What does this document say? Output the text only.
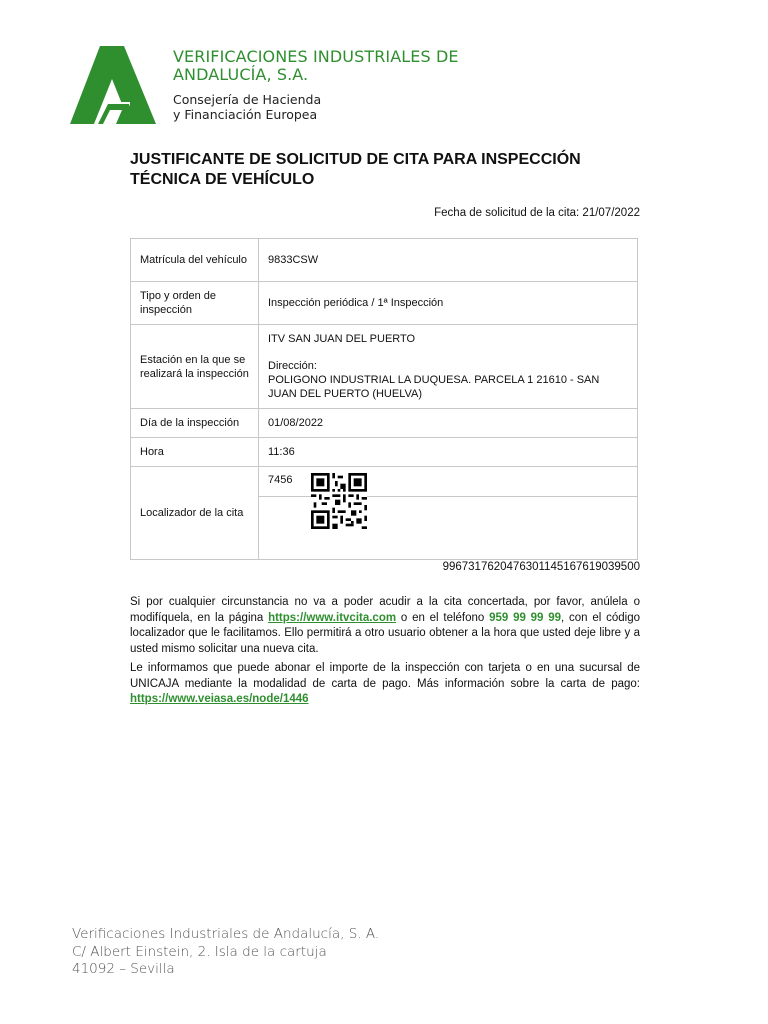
VERIFICACIONES INDUSTRIALES DE ANDALUCÍA, S.A.
Consejería de Hacienda
y Financiación Europea
JUSTIFICANTE DE SOLICITUD DE CITA PARA INSPECCIÓN TÉCNICA DE VEHÍCULO
Fecha de solicitud de la cita: 21/07/2022
Matrícula del vehículo	9833CSW
Tipo y orden de inspección	Inspección periódica / 1ª Inspección
Estación en la que se realizará la inspección	ITV SAN JUAN DEL PUERTO
Dirección:
POLIGONO INDUSTRIAL LA DUQUESA. PARCELA 1 21610 - SAN JUAN DEL PUERTO (HUELVA)

Día de la inspección	01/08/2022
Hora	11:36
Localizador de la cita	7456
9967317620476301145167619039500

Si por cualquier circunstancia no va a poder acudir a la cita concertada, por favor, anúlela o modifíquela, en la página https://www.itvcita.com o en el teléfono 959 99 99 99, con el código localizador que le facilitamos. Ello permitirá a otro usuario obtener a la hora que usted deje libre y a usted mismo solicitar una nueva cita.

Le informamos que puede abonar el importe de la inspección con tarjeta o en una sucursal de UNICAJA mediante la modalidad de carta de pago. Más información sobre la carta de pago: https://www.veiasa.es/node/1446

Verificaciones Industriales de Andalucía, S. A.
C/ Albert Einstein, 2. Isla de la cartuja
41092 – Sevilla
